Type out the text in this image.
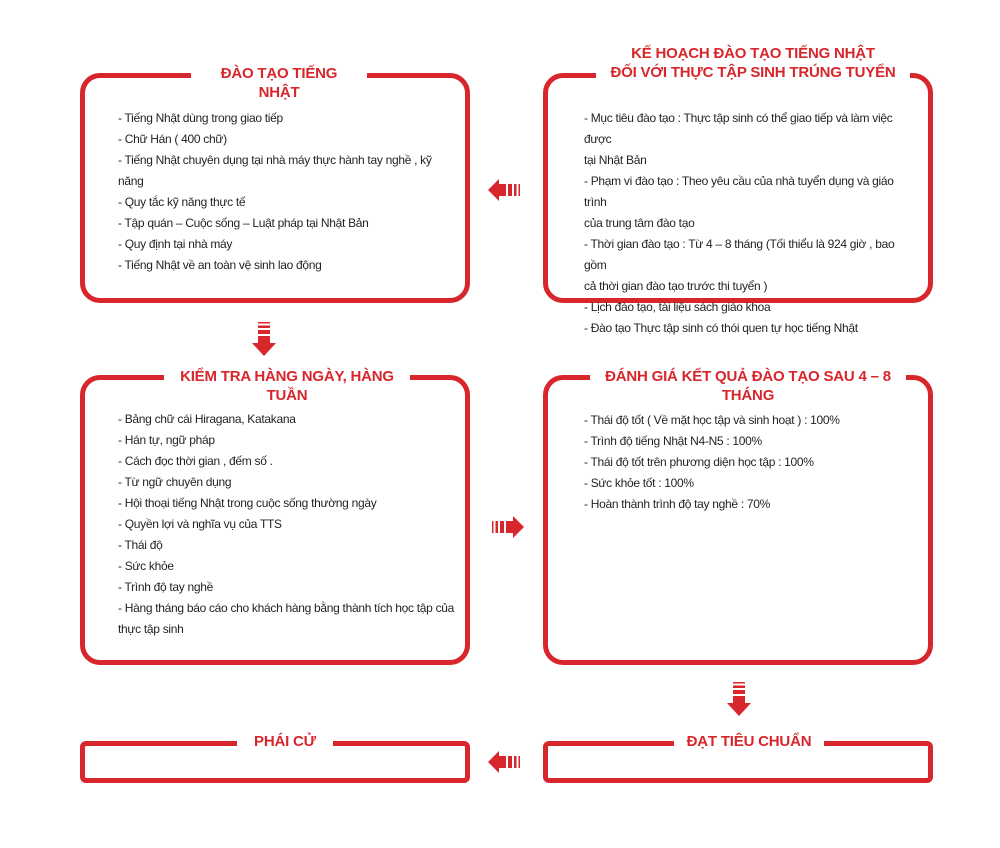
ĐÀO TẠO TIẾNG NHẬT
- Tiếng Nhật dùng trong giao tiếp
- Chữ Hán ( 400 chữ)
- Tiếng Nhật chuyên dụng tại nhà máy thực hành tay nghề , kỹ năng
- Quy tắc kỹ năng thực tế
- Tập quán – Cuộc sống – Luật pháp tại Nhật Bản
- Quy định tại nhà máy
- Tiếng Nhật về an toàn vệ sinh lao động
KẾ HOẠCH ĐÀO TẠO TIẾNG NHẬT
ĐỐI VỚI THỰC TẬP SINH TRÚNG TUYỂN
- Mục tiêu đào tạo : Thực tập sinh có thể giao tiếp và làm việc được
tại Nhật Bản
- Phạm vi đào tạo : Theo yêu cầu của nhà tuyển dụng và giáo trình
của trung tâm đào tạo
- Thời gian đào tạo : Từ 4 – 8 tháng (Tối thiểu là 924 giờ , bao gồm
cả thời gian đào tạo trước thi tuyển )
- Lịch đào tạo, tài liệu sách giáo khoa
- Đào tạo Thực tập sinh có thói quen tự học tiếng Nhật
KIỂM TRA HÀNG NGÀY, HÀNG TUẦN
- Bảng chữ cái Hiragana, Katakana
- Hán tự, ngữ pháp
- Cách đọc thời gian , đếm số .
- Từ ngữ chuyên dụng
- Hội thoại tiếng Nhật trong cuộc sống thường ngày
- Quyền lợi và nghĩa vụ của TTS
- Thái độ
- Sức khỏe
- Trình độ tay nghề
- Hàng tháng báo cáo cho khách hàng bằng thành tích học tập của
thực tập sinh
ĐÁNH GIÁ KẾT QUẢ ĐÀO TẠO SAU 4 – 8 THÁNG
- Thái độ tốt ( Về mặt học tập và sinh hoạt ) : 100%
- Trình độ tiếng Nhật N4-N5 : 100%
- Thái độ tốt trên phương diện học tập : 100%
- Sức khỏe tốt : 100%
- Hoàn thành trình độ tay nghề : 70%
PHÁI CỬ	ĐẠT TIÊU CHUẨN
